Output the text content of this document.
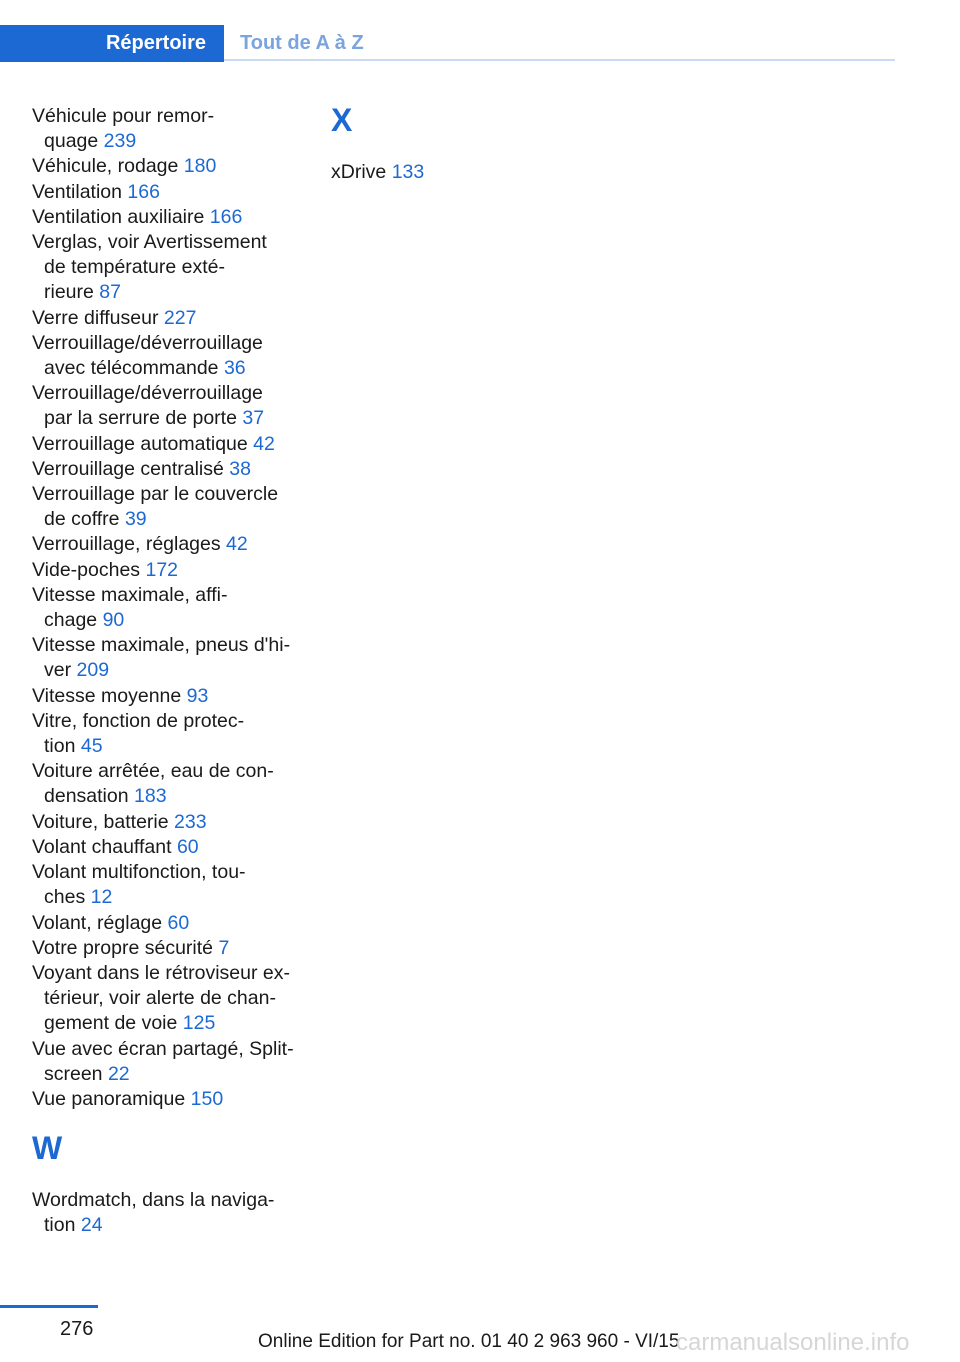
Répertoire	Tout de A à Z
Véhicule pour remor-
quage 239
Véhicule, rodage 180
Ventilation 166
Ventilation auxiliaire 166
Verglas, voir Avertissement
de température exté-
rieure 87
Verre diffuseur 227
Verrouillage/déverrouillage
avec télécommande 36
Verrouillage/déverrouillage
par la serrure de porte 37
Verrouillage automatique 42
Verrouillage centralisé 38
Verrouillage par le couvercle
de coffre 39
Verrouillage, réglages 42
Vide-poches 172
Vitesse maximale, affi-
chage 90
Vitesse maximale, pneus d'hi-
ver 209
Vitesse moyenne 93
Vitre, fonction de protec-
tion 45
Voiture arrêtée, eau de con-
densation 183
Voiture, batterie 233
Volant chauffant 60
Volant multifonction, tou-
ches 12
Volant, réglage 60
Votre propre sécurité 7
Voyant dans le rétroviseur ex-
térieur, voir alerte de chan-
gement de voie 125
Vue avec écran partagé, Split-
screen 22
Vue panoramique 150
W
Wordmatch, dans la naviga-
tion 24
X
xDrive 133
276
Online Edition for Part no. 01 40 2 963 960 - VI/15
carmanualsonline.info
